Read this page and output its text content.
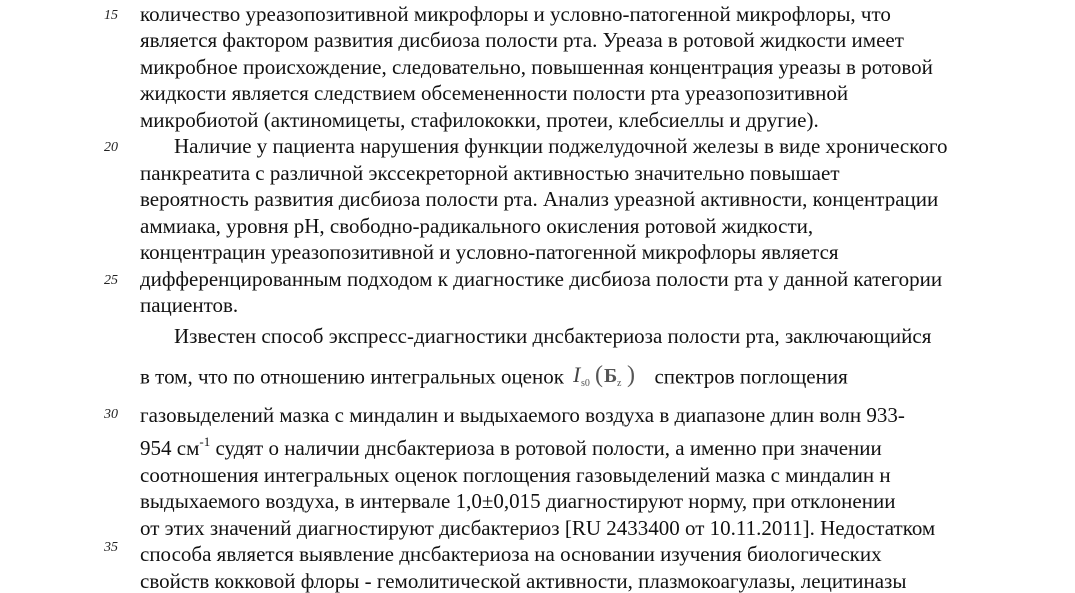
15
20
25
30
35
количество уреазопозитивной микрофлоры и условно-патогенной микрофлоры, что
является фактором развития дисбиоза полости рта. Уреаза в ротовой жидкости имеет
микробное происхождение, следовательно, повышенная концентрация уреазы в ротовой
жидкости является следствием обсемененности полости рта уреазопозитивной
микробиотой (актиномицеты, стафилококки, протеи, клебсиеллы и другие).
Наличие у пациента нарушения функции поджелудочной железы в виде хронического
панкреатита с различной экссекреторной активностью значительно повышает
вероятность развития дисбиоза полости рта. Анализ уреазной активности, концентрации
аммиака, уровня pH, свободно-радикального окисления ротовой жидкости,
концентрацин уреазопозитивной и условно-патогенной микрофлоры является
дифференцированным подходом к диагностике дисбиоза полости рта у данной категории
пациентов.
Известен способ экспресс-диагностики днсбактериоза полости рта, заключающийся
в том, что по отношению интегральных оценок I s0 ( Б z ) спектров поглощения
газовыделений мазка с миндалин и выдыхаемого воздуха в диапазоне длин волн 933-
954 $см^{-1}$ судят о наличии днсбактериоза в ротовой полости, а именно при значении
соотношения интегральных оценок поглощения газовыделений мазка с миндалин н
выдыхаемого воздуха, в интервале 1,0±0,015 диагностируют норму, при отклонении
от этих значений диагностируют дисбактериоз [RU 2433400 от 10.11.2011]. Недостатком
способа является выявление днсбактериоза на основании изучения биологических
свойств кокковой флоры - гемолитической активности, плазмокоагулазы, лецитиназы
